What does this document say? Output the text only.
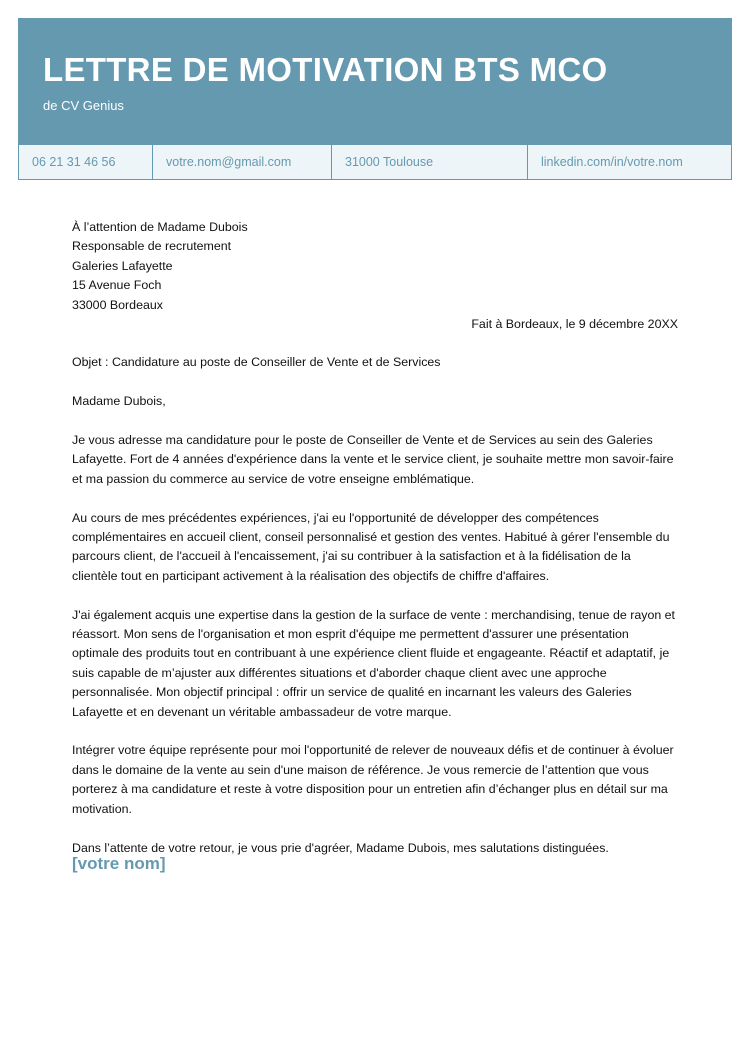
LETTRE DE MOTIVATION BTS MCO
de CV Genius
06 21 31 46 56	votre.nom@gmail.com	31000 Toulouse	linkedin.com/in/votre.nom

À l’attention de Madame Dubois

Responsable de recrutement

Galeries Lafayette

15 Avenue Foch

33000 Bordeaux

Fait à Bordeaux, le 9 décembre 20XX

Objet : Candidature au poste de Conseiller de Vente et de Services

Madame Dubois,

Je vous adresse ma candidature pour le poste de Conseiller de Vente et de Services au sein des Galeries Lafayette. Fort de 4 années d'expérience dans la vente et le service client, je souhaite mettre mon savoir-faire et ma passion du commerce au service de votre enseigne emblématique.

Au cours de mes précédentes expériences, j'ai eu l'opportunité de développer des compétences complémentaires en accueil client, conseil personnalisé et gestion des ventes. Habitué à gérer l'ensemble du parcours client, de l'accueil à l'encaissement, j'ai su contribuer à la satisfaction et à la fidélisation de la clientèle tout en participant activement à la réalisation des objectifs de chiffre d'affaires.

J'ai également acquis une expertise dans la gestion de la surface de vente : merchandising, tenue de rayon et réassort. Mon sens de l'organisation et mon esprit d'équipe me permettent d'assurer une présentation optimale des produits tout en contribuant à une expérience client fluide et engageante. Réactif et adaptatif, je suis capable de m’ajuster aux différentes situations et d'aborder chaque client avec une approche personnalisée. Mon objectif principal : offrir un service de qualité en incarnant les valeurs des Galeries Lafayette et en devenant un véritable ambassadeur de votre marque.

Intégrer votre équipe représente pour moi l'opportunité de relever de nouveaux défis et de continuer à évoluer dans le domaine de la vente au sein d'une maison de référence. Je vous remercie de l’attention que vous porterez à ma candidature et reste à votre disposition pour un entretien afin d’échanger plus en détail sur ma motivation.

Dans l’attente de votre retour, je vous prie d'agréer, Madame Dubois, mes salutations distinguées.

[votre nom]
